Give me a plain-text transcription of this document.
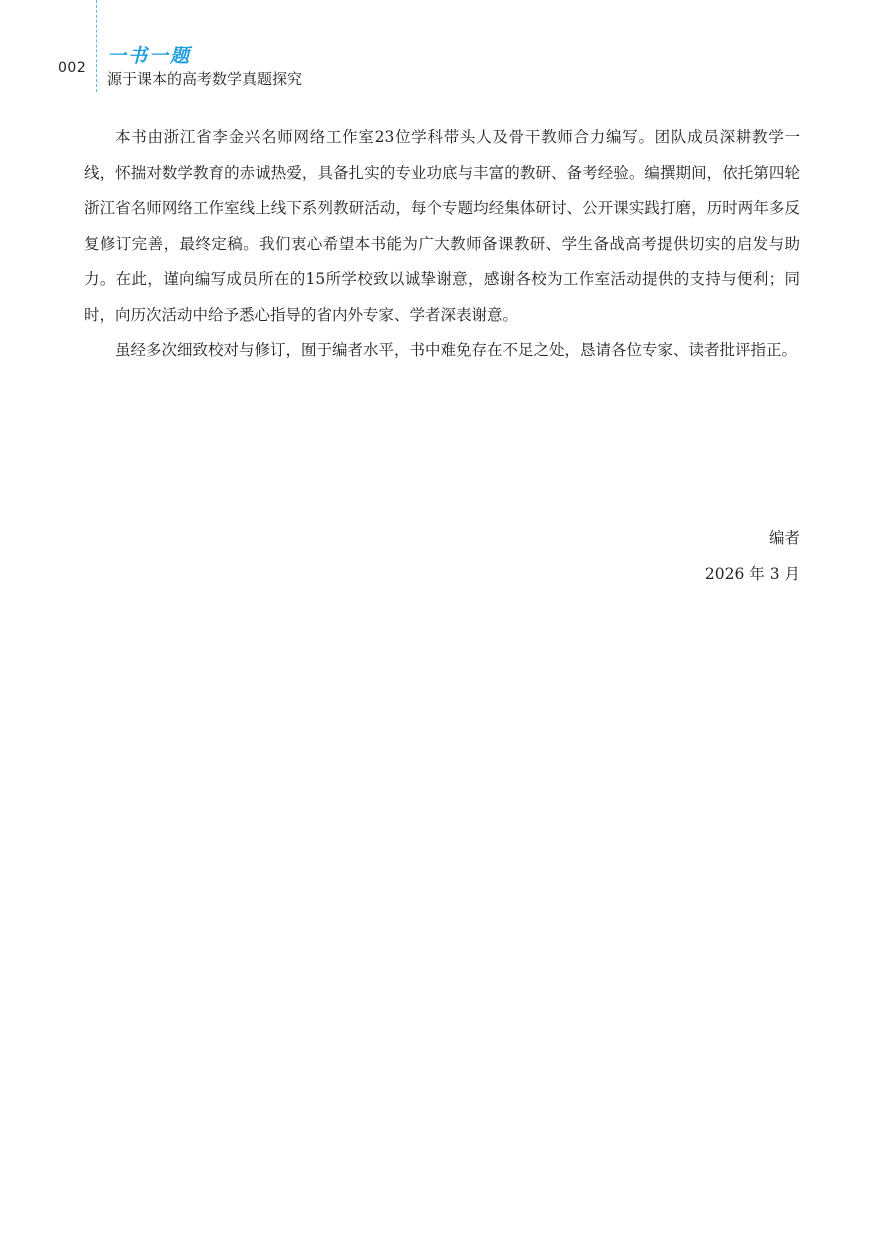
002
一书一题
源于课本的高考数学真题探究

本书由浙江省李金兴名师网络工作室23位学科带头人及骨干教师合力编写。团队成员深耕教学一线，怀揣对数学教育的赤诚热爱，具备扎实的专业功底与丰富的教研、备考经验。编撰期间，依托第四轮浙江省名师网络工作室线上线下系列教研活动，每个专题均经集体研讨、公开课实践打磨，历时两年多反复修订完善，最终定稿。我们衷心希望本书能为广大教师备课教研、学生备战高考提供切实的启发与助力。在此，谨向编写成员所在的15所学校致以诚挚谢意，感谢各校为工作室活动提供的支持与便利；同时，向历次活动中给予悉心指导的省内外专家、学者深表谢意。

虽经多次细致校对与修订，囿于编者水平，书中难免存在不足之处，恳请各位专家、读者批评指正。

编者
2026 年 3 月
